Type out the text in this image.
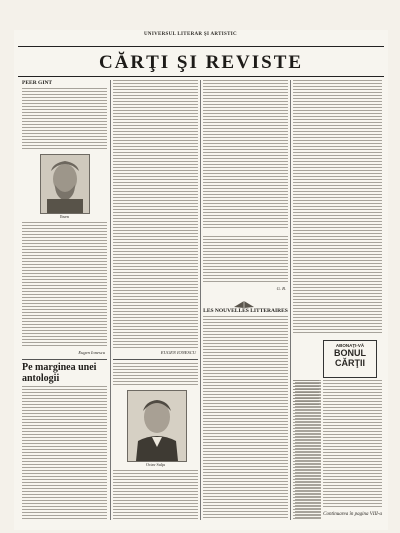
UNIVERSUL LITERAR ŞI ARTISTIC
CĂRŢI ŞI REVISTE
PEER GINT
Ibsen
Eugen Ionescu
Pe marginea unei
antologii
EUGEN IONESCU
Octav Sulţu
G. B.
LES NOUVELLES LITTERAIRES
ABONAŢI-VĂ
BONUL
CĂRŢII
Continuarea în pagina VIII-a
